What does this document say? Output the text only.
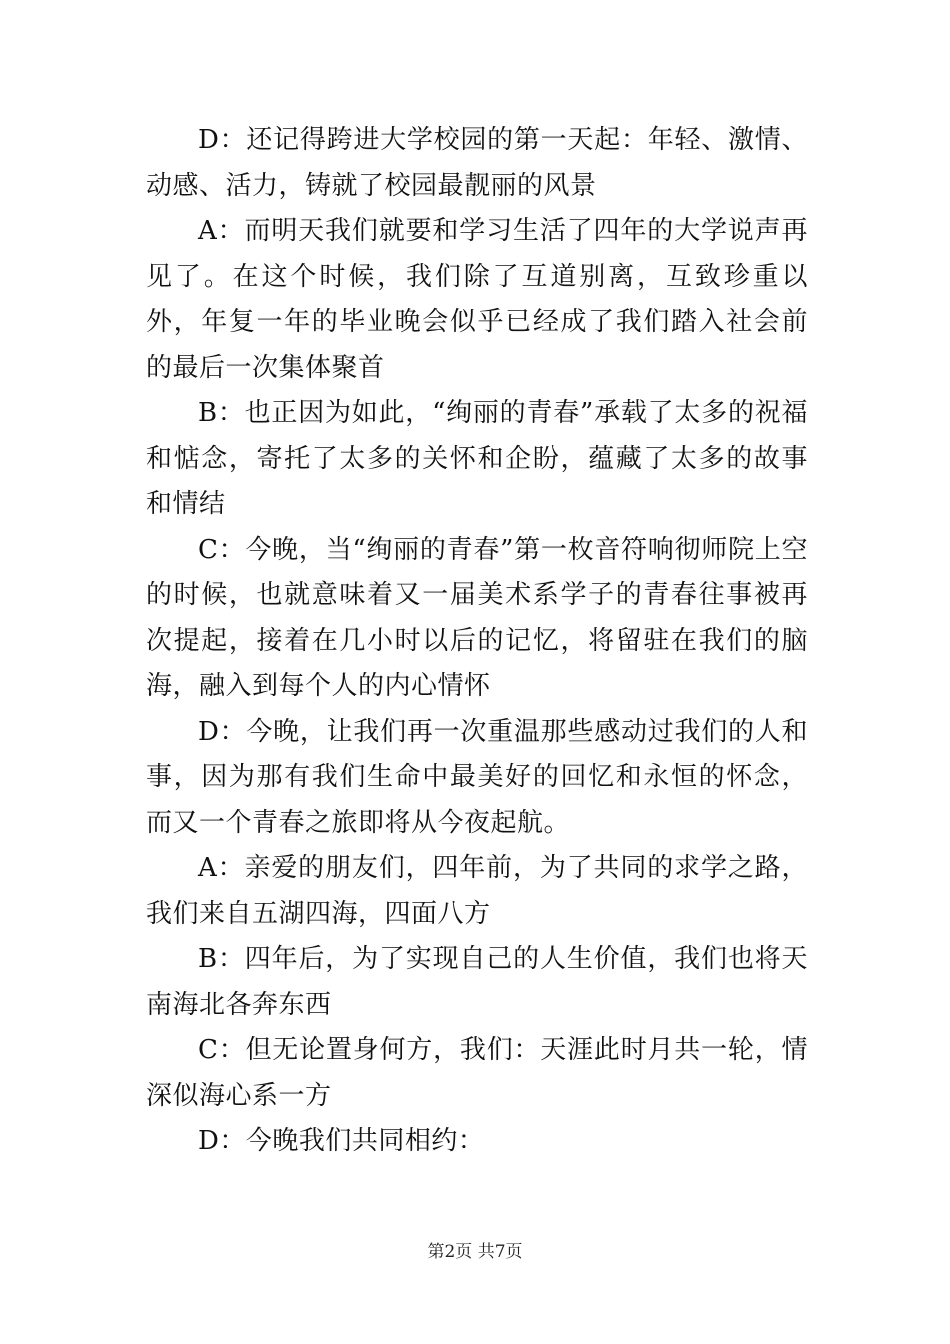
D：还记得跨进大学校园的第一天起：年轻、激情、动感、活力，铸就了校园最靓丽的风景

A：而明天我们就要和学习生活了四年的大学说声再见了。在这个时候，我们除了互道别离，互致珍重以外，年复一年的毕业晚会似乎已经成了我们踏入社会前的最后一次集体聚首

B：也正因为如此，“绚丽的青春”承载了太多的祝福和惦念，寄托了太多的关怀和企盼，蕴藏了太多的故事和情结

C：今晚，当“绚丽的青春”第一枚音符响彻师院上空的时候，也就意味着又一届美术系学子的青春往事被再次提起，接着在几小时以后的记忆，将留驻在我们的脑海，融入到每个人的内心情怀

D：今晚，让我们再一次重温那些感动过我们的人和事，因为那有我们生命中最美好的回忆和永恒的怀念，而又一个青春之旅即将从今夜起航。

A：亲爱的朋友们，四年前，为了共同的求学之路，我们来自五湖四海，四面八方

B：四年后，为了实现自己的人生价值，我们也将天南海北各奔东西

C：但无论置身何方，我们：天涯此时月共一轮，情深似海心系一方

D：今晚我们共同相约：

第2页 共7页
